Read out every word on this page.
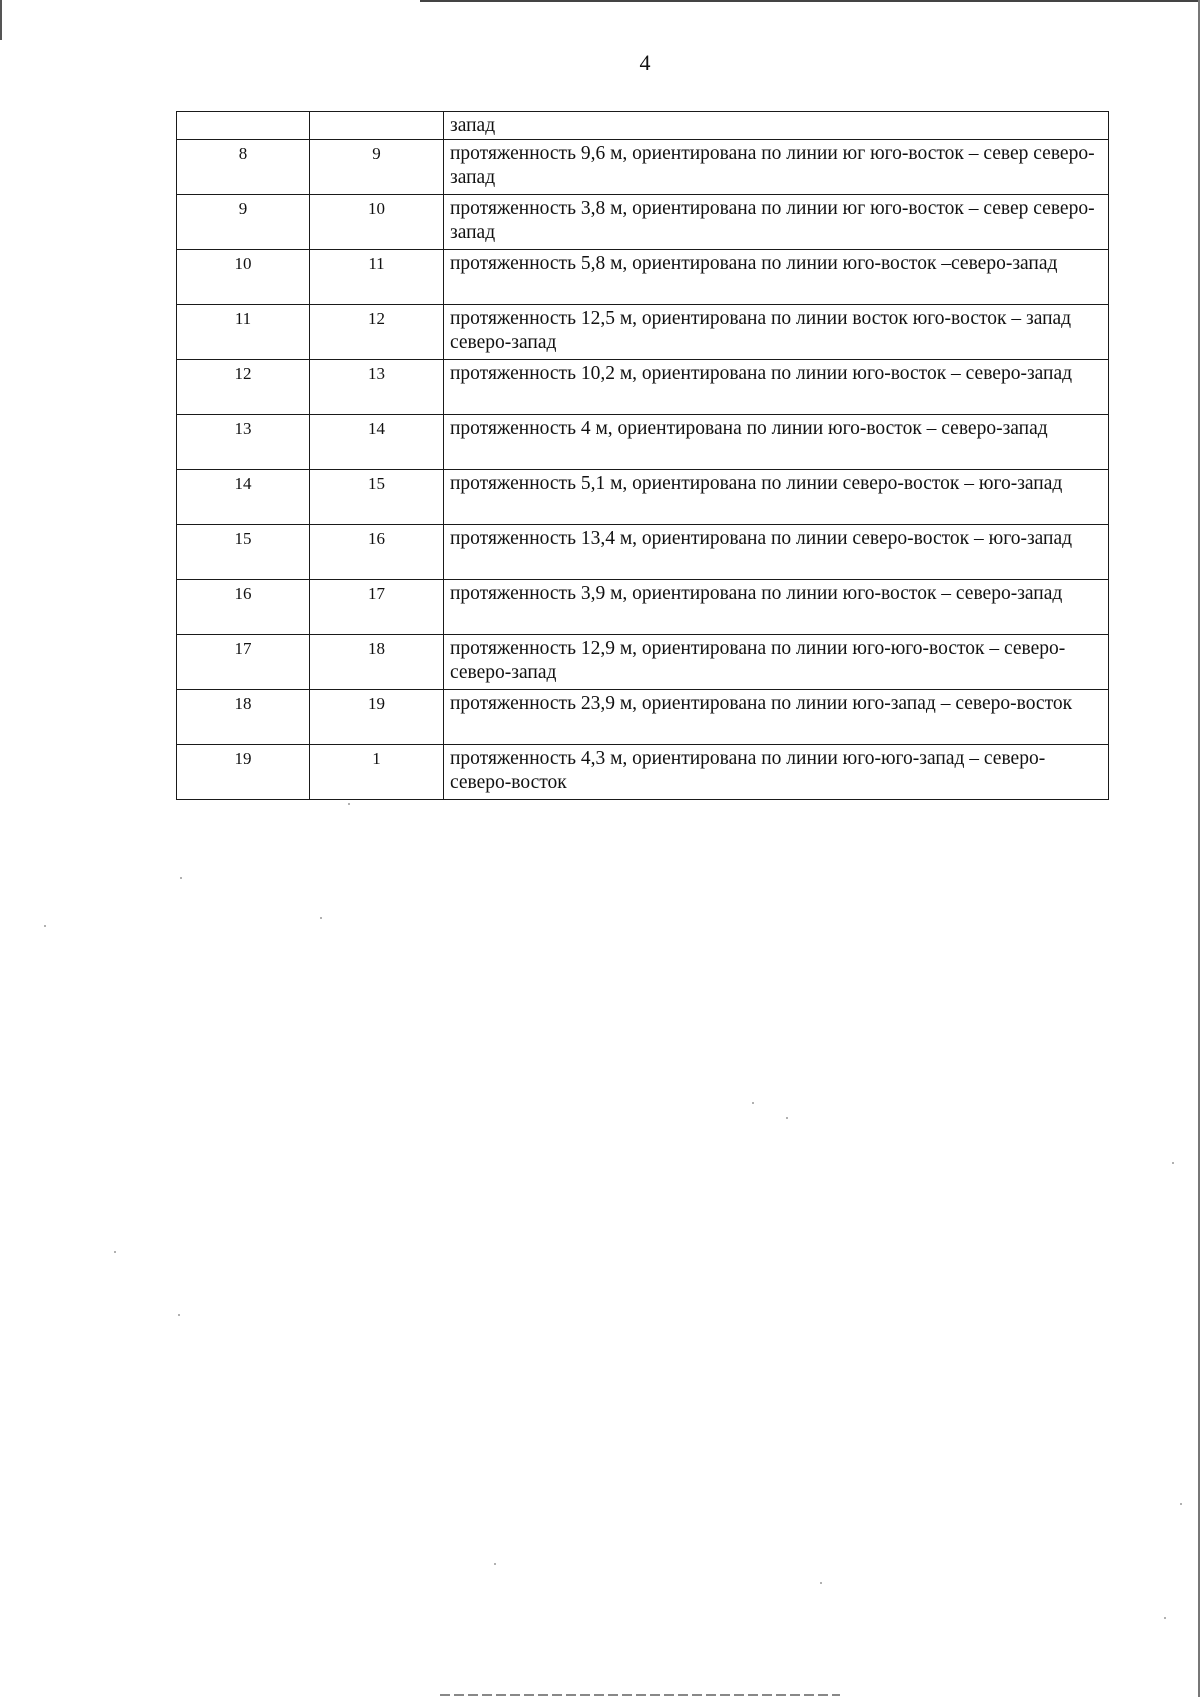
4
		запад
8	9	протяженность 9,6 м, ориентирована по линии юг юго-восток – север северо-запад
9	10	протяженность 3,8 м, ориентирована по линии юг юго-восток – север северо-запад
10	11	протяженность 5,8 м, ориентирована по линии юго-восток –северо-запад
11	12	протяженность 12,5 м, ориентирована по линии восток юго-восток – запад северо-запад
12	13	протяженность 10,2 м, ориентирована по линии юго-восток – северо-запад
13	14	протяженность 4 м, ориентирована по линии юго-восток – северо-запад
14	15	протяженность 5,1 м, ориентирована по линии северо-восток – юго-запад
15	16	протяженность 13,4 м, ориентирована по линии северо-восток – юго-запад
16	17	протяженность 3,9 м, ориентирована по линии юго-восток – северо-запад
17	18	протяженность 12,9 м, ориентирована по линии юго-юго-восток – северо-северо-запад
18	19	протяженность 23,9 м, ориентирована по линии юго-запад – северо-восток
19	1	протяженность 4,3 м, ориентирована по линии юго-юго-запад – северо-северо-восток
